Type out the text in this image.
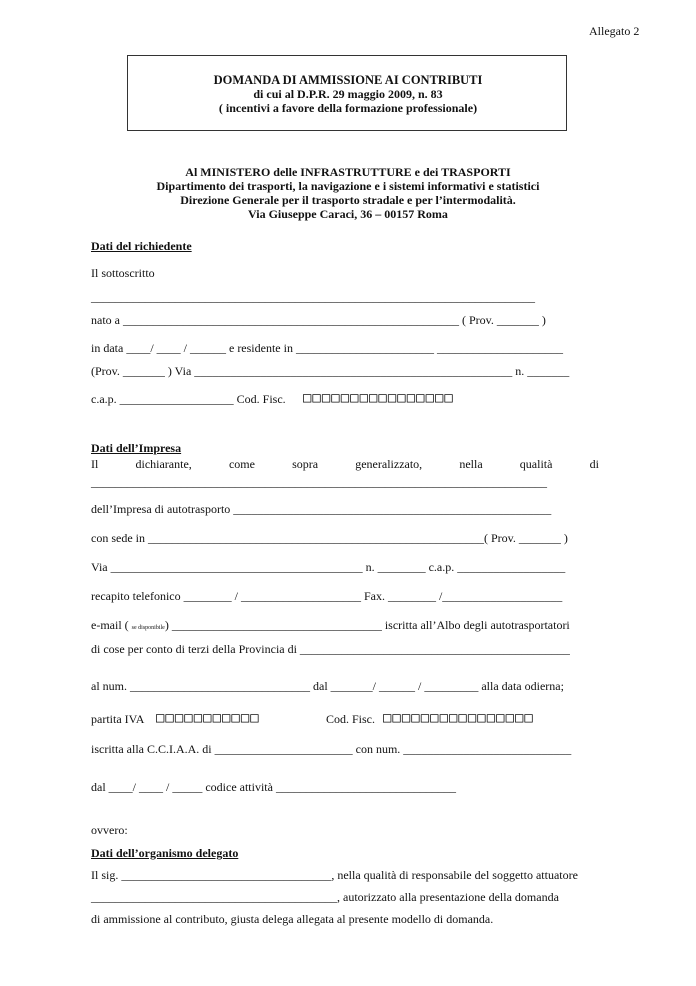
Allegato 2
DOMANDA DI AMMISSIONE AI CONTRIBUTI
di cui al D.P.R. 29 maggio 2009, n. 83
( incentivi a favore della formazione professionale)
Al MINISTERO delle INFRASTRUTTURE e dei TRASPORTI
Dipartimento dei trasporti, la navigazione e i sistemi informativi e statistici
Direzione Generale per il trasporto stradale e per l’intermodalità.
Via Giuseppe Caraci, 36 – 00157 Roma
Dati del richiedente
Il sottoscritto
__________________________________________________________________________
nato a ________________________________________________________ ( Prov. _______ )
in data ____/ ____ / ______ e residente in _______________________ _____________________
(Prov. _______ ) Via _____________________________________________________ n. _______
c.a.p. ___________________ Cod. Fisc. □□□□□□□□□□□□□□□□
Dati dell’Impresa
Il	dichiarante,	come	sopra	generalizzato,	nella	qualità	di
____________________________________________________________________________
dell’Impresa di autotrasporto _____________________________________________________
con sede in ________________________________________________________( Prov. _______ )
Via __________________________________________ n. ________ c.a.p. __________________
recapito telefonico ________ / ____________________ Fax. ________ /____________________
e-mail ( se disponibile) ___________________________________ iscritta all’Albo degli autotrasportatori
di cose per conto di terzi della Provincia di _____________________________________________
al num. ______________________________ dal _______/ ______ / _________ alla data odierna;
partita IVA □□□□□□□□□□□	Cod. Fisc. □□□□□□□□□□□□□□□□
iscritta alla C.C.I.A.A. di _______________________ con num. ____________________________
dal ____/ ____ / _____ codice attività ______________________________
ovvero:
Dati dell’organismo delegato
Il sig. ___________________________________, nella qualità di responsabile del soggetto attuatore
_________________________________________, autorizzato alla presentazione della domanda
di ammissione al contributo, giusta delega allegata al presente modello di domanda.
